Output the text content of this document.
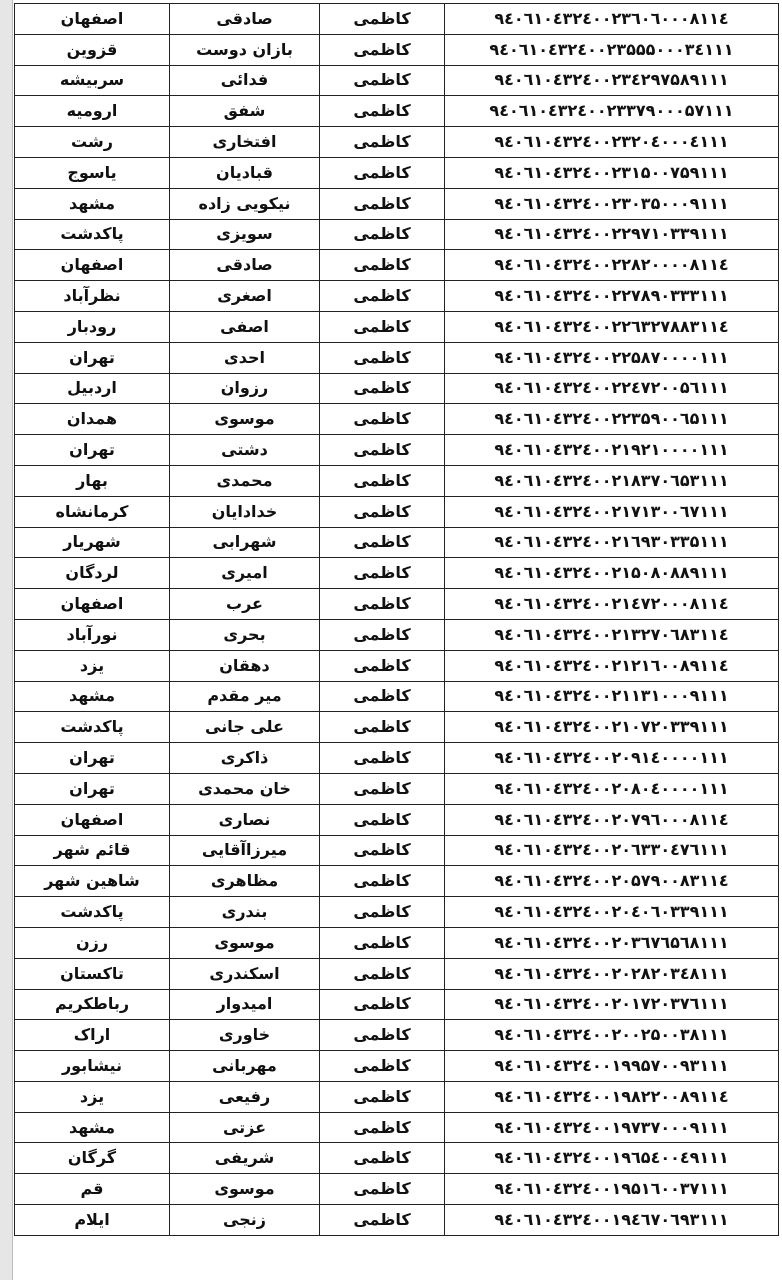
اصفهان	صادقی	کاظمی	۹٤۰٦۱۰٤۳۲٤۰۰۲۳٦۰٦۰۰۰۸۱۱٤
قزوین	بازان دوست	کاظمی	۹٤۰٦۱۰٤۳۲٤۰۰۲۳۵۵۵۰۰۰۳٤۱۱۱
سربیشه	فدائی	کاظمی	۹٤۰٦۱۰٤۳۲٤۰۰۲۳٤۲۹۷۵۸۹۱۱۱
ارومیه	شفق	کاظمی	۹٤۰٦۱۰٤۳۲٤۰۰۲۳۳۷۹۰۰۰۵۷۱۱۱
رشت	افتخاری	کاظمی	۹٤۰٦۱۰٤۳۲٤۰۰۲۳۲۰٤۰۰۰٤۱۱۱
یاسوج	قبادیان	کاظمی	۹٤۰٦۱۰٤۳۲٤۰۰۲۳۱۵۰۰۷۵۹۱۱۱
مشهد	نیکویی زاده	کاظمی	۹٤۰٦۱۰٤۳۲٤۰۰۲۳۰۳۵۰۰۰۹۱۱۱
پاکدشت	سویزی	کاظمی	۹٤۰٦۱۰٤۳۲٤۰۰۲۲۹۷۱۰۳۳۹۱۱۱
اصفهان	صادقی	کاظمی	۹٤۰٦۱۰٤۳۲٤۰۰۲۲۸۲۰۰۰۰۸۱۱٤
نظرآباد	اصغری	کاظمی	۹٤۰٦۱۰٤۳۲٤۰۰۲۲۷۸۹۰۳۳۳۱۱۱
رودبار	اصفی	کاظمی	۹٤۰٦۱۰٤۳۲٤۰۰۲۲٦۳۲۷۸۸۳۱۱٤
تهران	احدی	کاظمی	۹٤۰٦۱۰٤۳۲٤۰۰۲۲۵۸۷۰۰۰۰۱۱۱
اردبیل	رزوان	کاظمی	۹٤۰٦۱۰٤۳۲٤۰۰۲۲٤۷۲۰۰۵٦۱۱۱
همدان	موسوی	کاظمی	۹٤۰٦۱۰٤۳۲٤۰۰۲۲۳۵۹۰۰٦۵۱۱۱
تهران	دشتی	کاظمی	۹٤۰٦۱۰٤۳۲٤۰۰۲۱۹۲۱۰۰۰۰۱۱۱
بهار	محمدی	کاظمی	۹٤۰٦۱۰٤۳۲٤۰۰۲۱۸۳۷۰٦۵۳۱۱۱
کرمانشاه	خدادایان	کاظمی	۹٤۰٦۱۰٤۳۲٤۰۰۲۱۷۱۳۰۰٦۷۱۱۱
شهریار	شهرابی	کاظمی	۹٤۰٦۱۰٤۳۲٤۰۰۲۱٦۹۳۰۳۳۵۱۱۱
لردگان	امیری	کاظمی	۹٤۰٦۱۰٤۳۲٤۰۰۲۱۵۰۸۰۸۸۹۱۱۱
اصفهان	عرب	کاظمی	۹٤۰٦۱۰٤۳۲٤۰۰۲۱٤۷۲۰۰۰۸۱۱٤
نورآباد	بحری	کاظمی	۹٤۰٦۱۰٤۳۲٤۰۰۲۱۳۲۷۰٦۸۳۱۱٤
یزد	دهقان	کاظمی	۹٤۰٦۱۰٤۳۲٤۰۰۲۱۲۱٦۰۰۸۹۱۱٤
مشهد	میر مقدم	کاظمی	۹٤۰٦۱۰٤۳۲٤۰۰۲۱۱۳۱۰۰۰۹۱۱۱
پاکدشت	علی جانی	کاظمی	۹٤۰٦۱۰٤۳۲٤۰۰۲۱۰۷۲۰۳۳۹۱۱۱
تهران	ذاکری	کاظمی	۹٤۰٦۱۰٤۳۲٤۰۰۲۰۹۱٤۰۰۰۰۱۱۱
تهران	خان محمدی	کاظمی	۹٤۰٦۱۰٤۳۲٤۰۰۲۰۸۰٤۰۰۰۰۱۱۱
اصفهان	نصاری	کاظمی	۹٤۰٦۱۰٤۳۲٤۰۰۲۰۷۹٦۰۰۰۸۱۱٤
قائم شهر	میرزاآقایی	کاظمی	۹٤۰٦۱۰٤۳۲٤۰۰۲۰٦۳۳۰٤۷٦۱۱۱
شاهین شهر	مظاهری	کاظمی	۹٤۰٦۱۰٤۳۲٤۰۰۲۰۵۷۹۰۰۸۳۱۱٤
پاکدشت	بندری	کاظمی	۹٤۰٦۱۰٤۳۲٤۰۰۲۰٤۰٦۰۳۳۹۱۱۱
رزن	موسوی	کاظمی	۹٤۰٦۱۰٤۳۲٤۰۰۲۰۳٦۷٦۵٦۸۱۱۱
تاکستان	اسکندری	کاظمی	۹٤۰٦۱۰٤۳۲٤۰۰۲۰۲۸۲۰۳٤۸۱۱۱
رباطکریم	امیدوار	کاظمی	۹٤۰٦۱۰٤۳۲٤۰۰۲۰۱۷۲۰۳۷٦۱۱۱
اراک	خاوری	کاظمی	۹٤۰٦۱۰٤۳۲٤۰۰۲۰۰۲۵۰۰۳۸۱۱۱
نیشابور	مهربانی	کاظمی	۹٤۰٦۱۰٤۳۲٤۰۰۱۹۹۵۷۰۰۹۳۱۱۱
یزد	رفیعی	کاظمی	۹٤۰٦۱۰٤۳۲٤۰۰۱۹۸۲۲۰۰۸۹۱۱٤
مشهد	عزتی	کاظمی	۹٤۰٦۱۰٤۳۲٤۰۰۱۹۷۳۷۰۰۰۹۱۱۱
گرگان	شریفی	کاظمی	۹٤۰٦۱۰٤۳۲٤۰۰۱۹٦۵٤۰۰٤۹۱۱۱
قم	موسوی	کاظمی	۹٤۰٦۱۰٤۳۲٤۰۰۱۹۵۱٦۰۰۳۷۱۱۱
ایلام	زنجی	کاظمی	۹٤۰٦۱۰٤۳۲٤۰۰۱۹٤٦۷۰٦۹۳۱۱۱
